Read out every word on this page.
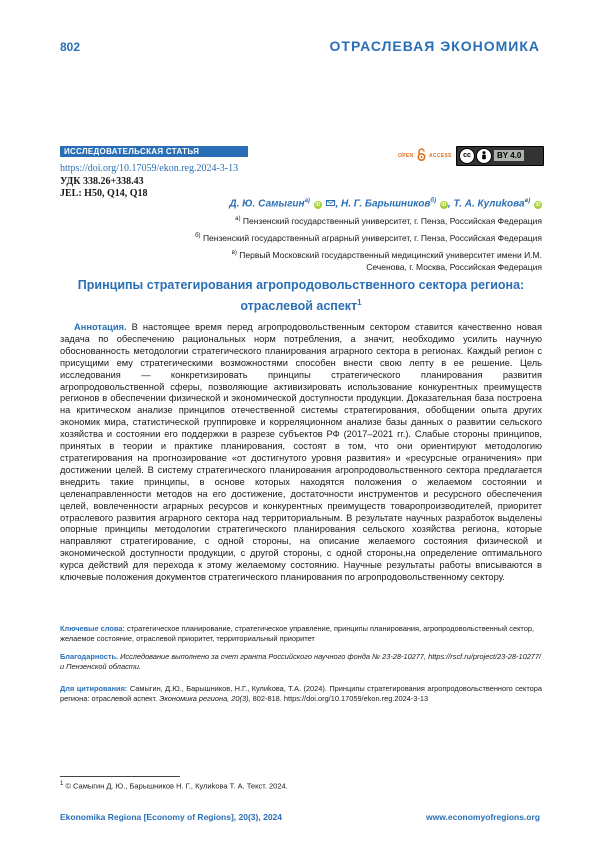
802	ОТРАСЛЕВАЯ ЭКОНОМИКА
ИССЛЕДОВАТЕЛЬСКАЯ СТАТЬЯ
https://doi.org/10.17059/ekon.reg.2024-3-13
УДК 338.26+338.43
JEL: H50, Q14, Q18
OPEN	ACCESS	cc	BY 4.0
Д. Ю. Самыгин$^{а)}$ iD , Н. Г. Барышников$^{б)}$ iD , Т. А. Кулиkова$^{в)}$ iD
$^{а)}$ Пензенский государственный университет, г. Пенза, Российская Федерация
$^{б)}$ Пензенский государственный аграрный университет, г. Пенза, Российская Федерация
$^{в)}$ Первый Московский государственный медицинский университет имени И.М. Сеченова, г. Москва, Российская Федерация
Принципы стратегирования агропродовольственного сектора региона: отраслевой аспект$^1$
Аннотация. В настоящее время перед агропродовольственным сектором ставится качественно новая задача по обеспечению рациональных норм потребления, а значит, необходимо усилить научную обоснованность методологии стратегического планирования аграрного сектора в регионах. Каждый регион с присущими ему стратегическими возможностями способен внести свою лепту в ее решение. Цель исследования — конкретизировать принципы стратегического планирования развития агропродовольственной сферы, позволяющие активизировать использование конкурентных преимуществ регионов в обеспечении физической и экономической доступности продукции. Доказательная база построена на критическом анализе принципов отечественной системы стратегирования, обобщении опыта других экономик мира, статистической группировке и корреляционном анализе базы данных о развитии сельского хозяйства и состоянии его поддержки в разрезе субъектов РФ (2017–2021 гг.). Слабые стороны принципов, принятых в теории и практике планирования, состоят в том, что они ориентируют методологию стратегирования на прогнозирование «от достигнутого уровня развития» и «ресурсные ограничения» при достижении целей. В систему стратегического планирования агропродовольственного сектора предлагается внедрить такие принципы, в основе которых находятся положения о желаемом состоянии и целенаправленности методов на его достижение, достаточности инструментов и ресурсного обеспечения целей, вовлеченности аграрных ресурсов и конкурентных преимуществ товаропроизводителей, приоритет отраслевого развития аграрного сектора над территориальным. В результате научных разработок выделены опорные принципы методологии стратегического планирования сельского хозяйства региона, которые направляют стратегирование, с одной стороны, на описание желаемого состояния физической и экономической доступности продукции, с другой стороны, с одной стороны,на определение оптимального курса действий для перехода к этому желаемому состоянию. Научные результаты работы вписываются в ключевые положения документов стратегического планирования по агропродовольственному сектору.
Ключевые слова: стратегическое планирование, стратегическое управление, принципы планирования, агропродовольственный сектор, желаемое состояние, отраслевой приоритет, территориальный приоритет
Благодарность. Исследование выполнено за счет гранта Российского научного фонда № 23-28-10277, https://rscf.ru/project/23-28-10277/ и Пензенской области.
Для цитирования: Самыгин, Д.Ю., Барышников, Н.Г., Кулиkова, Т.А. (2024). Принципы стратегирования агропродовольственного сектора региона: отраслевой аспект. Экономика региона, 20(3), 802-818. https://doi.org/10.17059/ekon.reg.2024-3-13
$^1$ © Самыгин Д. Ю., Барышников Н. Г., Кулиkова Т. А. Текст. 2024.
Ekonomika Regiona [Economy of Regions], 20(3), 2024	www.economyofregions.org
